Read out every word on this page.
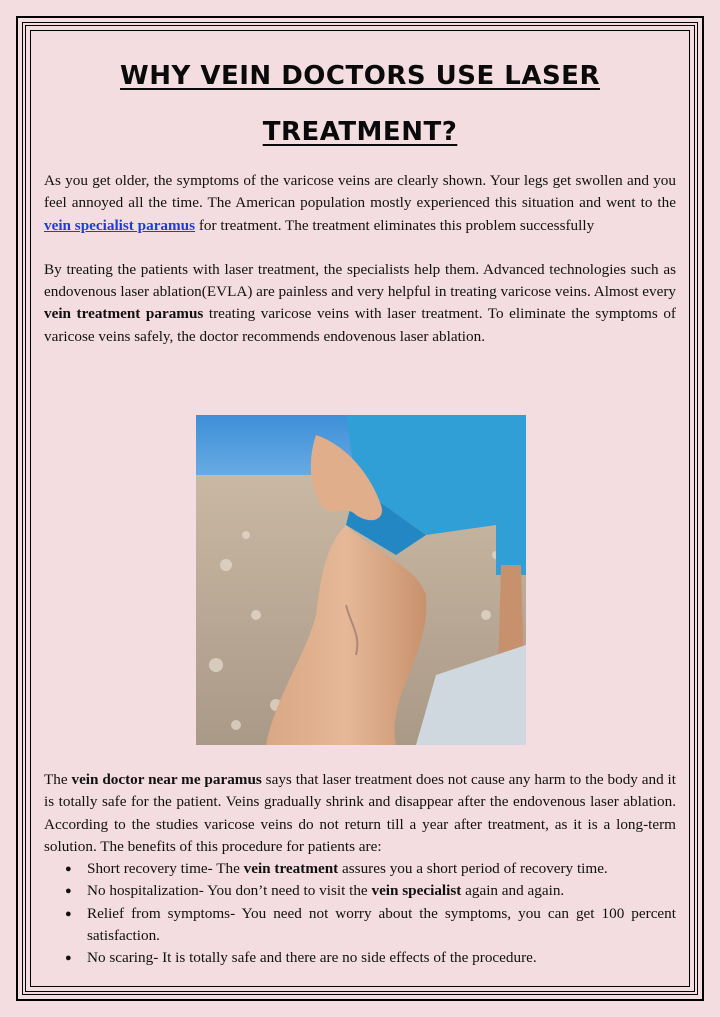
WHY VEIN DOCTORS USE LASER
TREATMENT?

As you get older, the symptoms of the varicose veins are clearly shown. Your legs get swollen and you feel annoyed all the time. The American population mostly experienced this situation and went to the vein specialist paramus for treatment. The treatment eliminates this problem successfully

By treating the patients with laser treatment, the specialists help them. Advanced technologies such as endovenous laser ablation(EVLA) are painless and very helpful in treating varicose veins. Almost every vein treatment paramus treating varicose veins with laser treatment. To eliminate the symptoms of varicose veins safely, the doctor recommends endovenous laser ablation.

The vein doctor near me paramus says that laser treatment does not cause any harm to the body and it is totally safe for the patient. Veins gradually shrink and disappear after the endovenous laser ablation. According to the studies varicose veins do not return till a year after treatment, as it is a long-term solution. The benefits of this procedure for patients are:

● Short recovery time- The vein treatment assures you a short period of recovery time.
● No hospitalization- You don’t need to visit the vein specialist again and again.
● Relief from symptoms- You need not worry about the symptoms, you can get 100 percent satisfaction.
● No scaring- It is totally safe and there are no side effects of the procedure.
